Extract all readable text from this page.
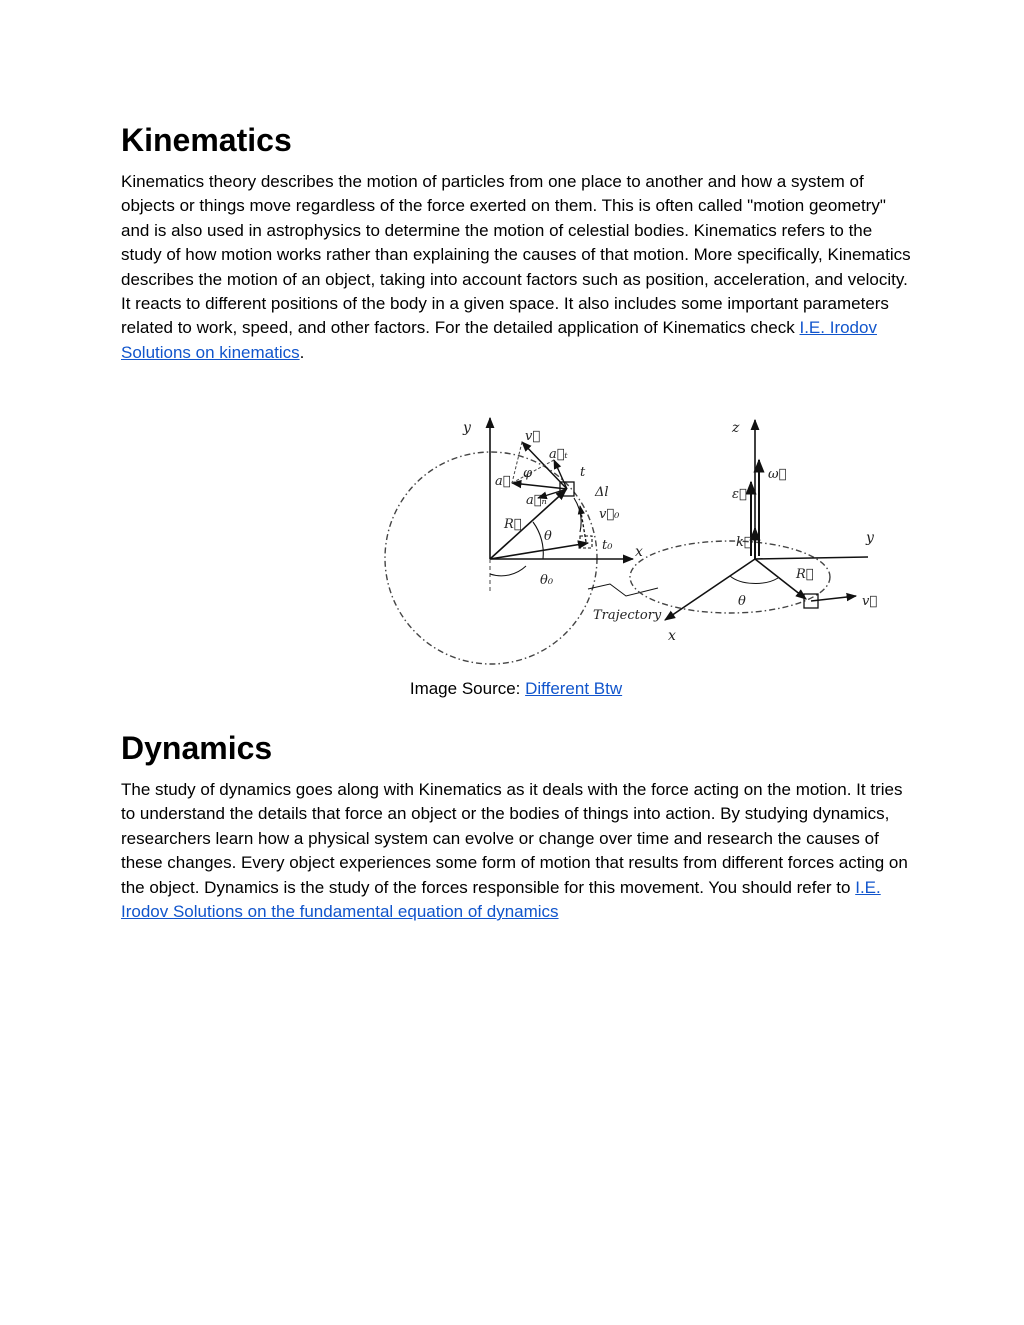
Kinematics

Kinematics theory describes the motion of particles from one place to another and how a system of objects or things move regardless of the force exerted on them. This is often called "motion geometry" and is also used in astrophysics to determine the motion of celestial bodies. Kinematics refers to the study of how motion works rather than explaining the causes of that motion. More specifically, Kinematics describes the motion of an object, taking into account factors such as position, acceleration, and velocity. It reacts to different positions of the body in a given space. It also includes some important parameters related to work, speed, and other factors. For the detailed application of Kinematics check I.E. Irodov Solutions on kinematics.

y
x
v⃗
a⃗ₜ
φ	t
a⃗
a⃗ₙ
Δl
v⃗₀
R⃗
θ
t₀
θ₀
Trajectory
z
ω⃗
ε⃗
k⃗	y
R⃗
θ	v⃗
x
Image Source: Different Btw
Dynamics

The study of dynamics goes along with Kinematics as it deals with the force acting on the motion. It tries to understand the details that force an object or the bodies of things into action. By studying dynamics, researchers learn how a physical system can evolve or change over time and research the causes of these changes. Every object experiences some form of motion that results from different forces acting on the object. Dynamics is the study of the forces responsible for this movement. You should refer to I.E. Irodov Solutions on the fundamental equation of dynamics
